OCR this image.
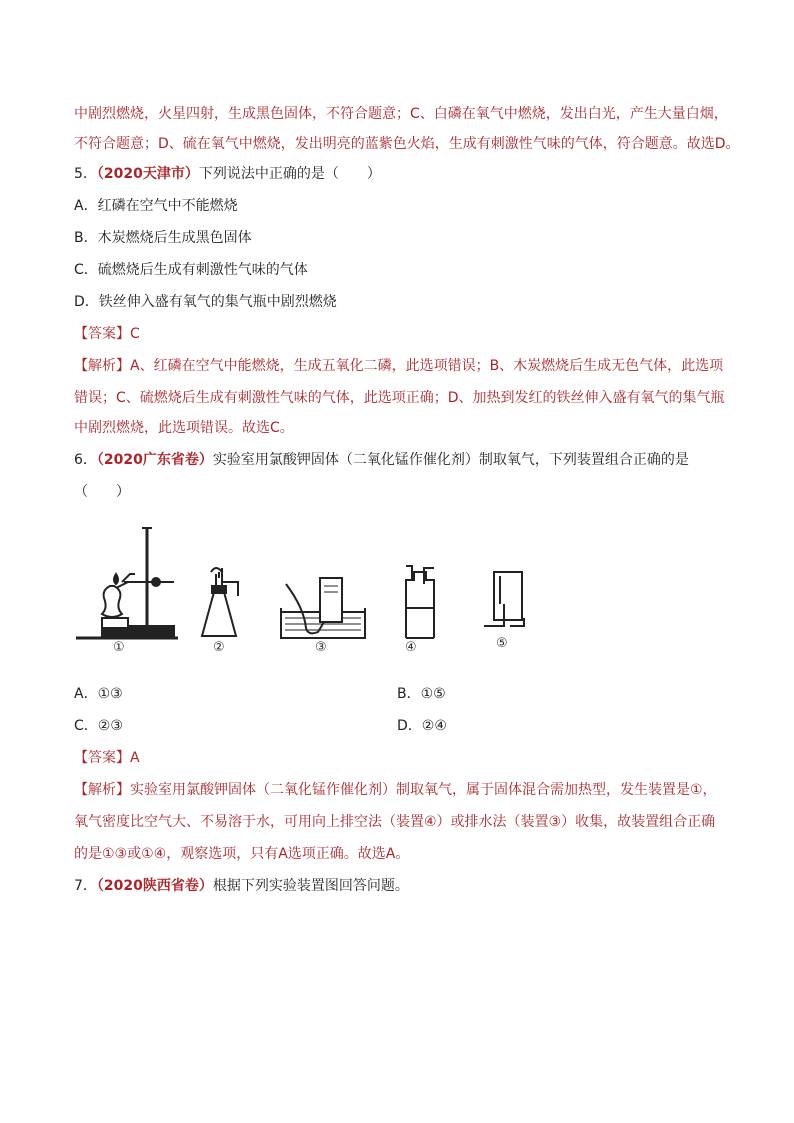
中剧烈燃烧，火星四射，生成黑色固体，不符合题意；C、白磷在氧气中燃烧，发出白光，产生大量白烟，
不符合题意；D、硫在氧气中燃烧，发出明亮的蓝紫色火焰，生成有刺激性气味的气体，符合题意。故选D。
5．（2020天津市）下列说法中正确的是（　　）
A．红磷在空气中不能燃烧
B．木炭燃烧后生成黑色固体
C．硫燃烧后生成有刺激性气味的气体
D．铁丝伸入盛有氧气的集气瓶中剧烈燃烧
【答案】C
【解析】A、红磷在空气中能燃烧，生成五氧化二磷，此选项错误；B、木炭燃烧后生成无色气体，此选项
错误；C、硫燃烧后生成有刺激性气味的气体，此选项正确；D、加热到发红的铁丝伸入盛有氧气的集气瓶
中剧烈燃烧，此选项错误。故选C。
6．（2020广东省卷）实验室用氯酸钾固体（二氧化锰作催化剂）制取氧气，下列装置组合正确的是
（　　）
①	②	③	④	⑤
A．①③	B．①⑤
C．②③	D．②④
【答案】A
【解析】实验室用氯酸钾固体（二氧化锰作催化剂）制取氧气，属于固体混合需加热型，发生装置是①，
氧气密度比空气大、不易溶于水，可用向上排空法（装置④）或排水法（装置③）收集，故装置组合正确
的是①③或①④，观察选项，只有A选项正确。故选A。
7．（2020陕西省卷）根据下列实验装置图回答问题。
